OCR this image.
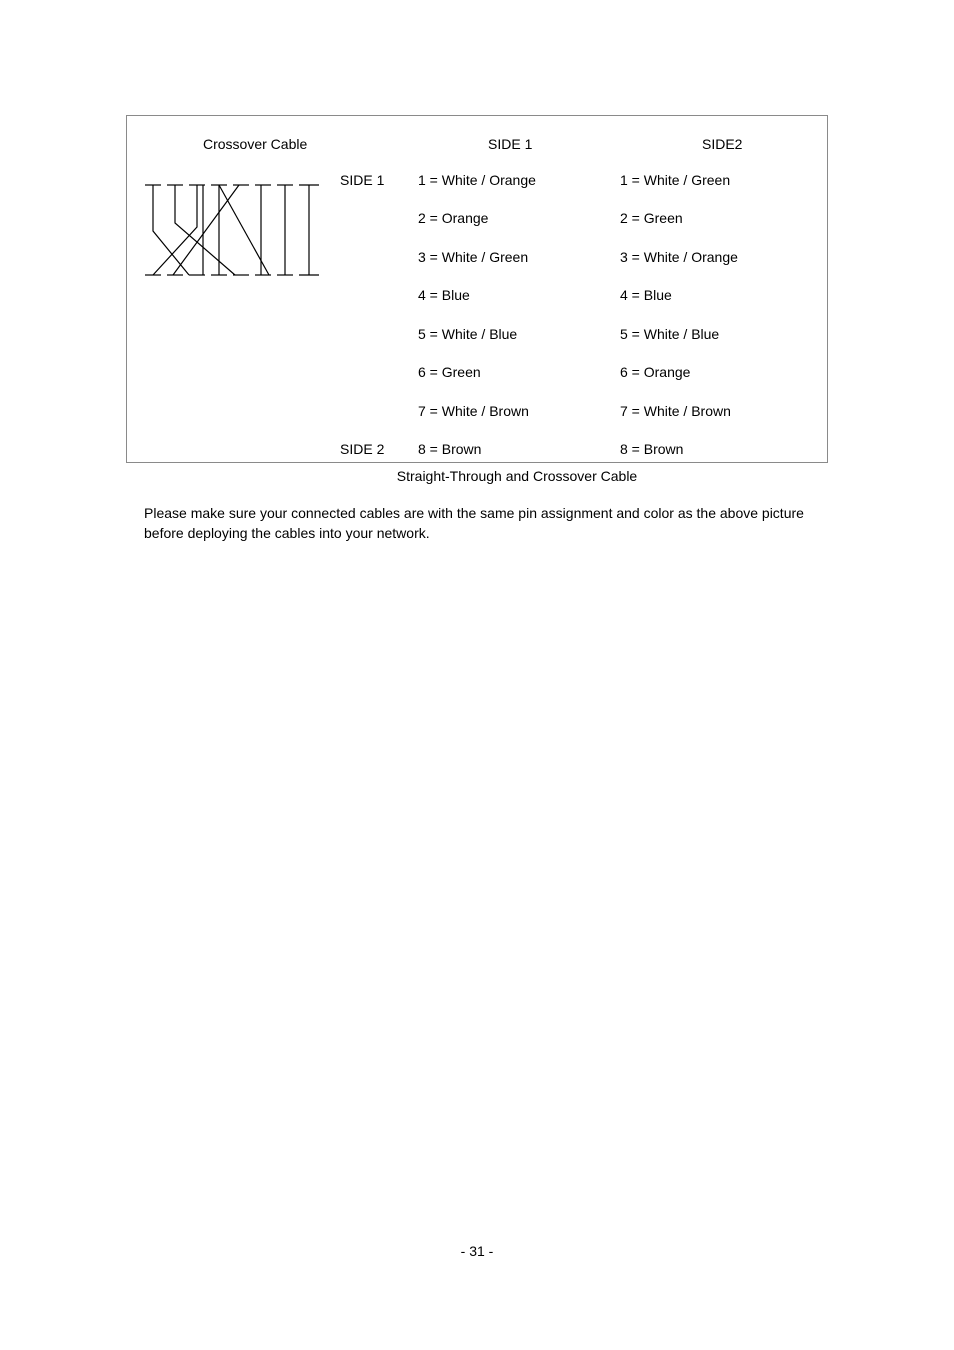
Crossover Cable	SIDE 1	SIDE2
SIDE 1
SIDE 2
1 = White / Orange
2 = Orange
3 = White / Green
4 = Blue
5 = White / Blue
6 = Green
7 = White / Brown
8 = Brown
1 = White / Green
2 = Green
3 = White / Orange
4 = Blue
5 = White / Blue
6 = Orange
7 = White / Brown
8 = Brown
Straight-Through and Crossover Cable

Please make sure your connected cables are with the same pin assignment and color as the above picture before deploying the cables into your network.

- 31 -
